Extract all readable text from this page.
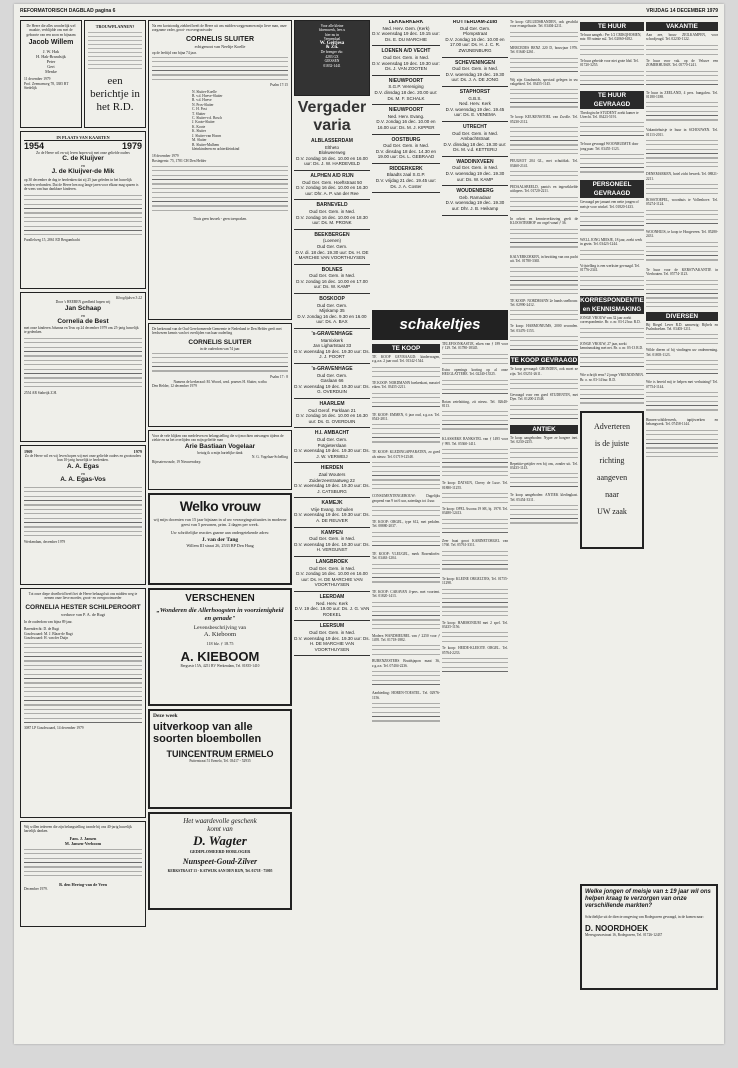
REFORMATORISCH DAGBLAD pagina 6	VRIJDAG 14 DECEMBER 1979
De Heere die alles wonderlijk wel maakte, verblijdde ons met de geboorte van een zoon en bijnaam
Jacob Willem
J. W. Hak
H. Hak-Brandsijk
Peter
Gert
Menke
11 december 1979
Prof. Zeemanweg 78, 3385 BT Stedelijk
TROUWPLANNEN?
een berichtje in het R.D.
IN PLAATS VAN KAARTEN
1954	1979
Zo de Heere wil en wij leven hopen wij met onze geliefde ouders
C. de Kluijver
en
J. de Kluijver-de Mik
op 30 december de dag te herdenken dat zij 25 jaar geleden in het huwelijk werden verbonden. Dat de Heere hen nog lange jaren voor elkaar mag sparen is de wens van hun dankbare kinderen.
Parallelweg 15, 2861 ED Bergambacht
Klooglijdeen 3:22
Door 's HEEREN goedheid hopen wij
Jan Schaap
en
Cornelia de Best
met onze kinderen Johanna en Teus op 24 december 1979 ons 25-jarig huwelijk te gedenken.
2554 AR Stabeijk Z.H.
1969	1979
Zo de Heere wil en wij leven hopen wij met onze geliefde ouders en grootouders hun 10-jarig huwelijk te herdenken.
A. A. Egas
en
A. A. Egas-Vos
Werkendam, december 1979
Tot onze diepe droefheid heeft het de Heere behaagd uit ons midden weg te nemen onze lieve moeder, groot- en overgrootmoeder
CORNELIA HESTER SCHILPEROORT
weduwe van P. A. de Rugt
In de ouderdom van bijna 89 jaar.
Barendrecht: D. de Rugt
Goudswaard: M. J. Blaas-de Rugt
Goudswaard: H. van der Duijn
3087 LP Goudswaard, 14 december 1979
Wij willen iedereen die zijn belangstelling toonde bij ons 40-jarig huwelijk hartelijk danken.
Fam. J. Jansen
M. Jansen-Verboom
B. den Hertog-van de Veen
December 1979.
Na een kortstondig ziekbed heeft de Heere uit ons midden weggenomen mijn lieve man, onze zorgzame vader, groot- en overgrootvader
CORNELIS SLUITER
echtgenoot van Neeltje Koelle
op de leeftijd van bijna 74 jaar.
Psalm 17:15
N. Sluiter-Koelle
B. v.d. Hoeve-Sluiter
R. v.d. Hoeve
N. Pros-Sluiter
C. H. Post
T. Sluiter
C. Sluiter-v.d. Bosch
J. Koote-Sluiter
K. Koote
K. Sluiter
J. Sluiter-van Hoorn
M. Sluiter
B. Sluiter-Mulhem
kleinkinderen en achterkleinkind
18 december 1979
Bosingerstr. 75, 1781 CH Den Helder
Thuis geen bezoek - geen toespraken.
De kerkeraad van de Oud Gereformeerde Gemeente te Nederland te Den Helder geeft met leedwezen kennis van het overlijden van haar ouderling
CORNELIS SLUITER
in de ouderdom van 74 jaar.
Psalm 17 : 8
Namens de kerkeraad: M. Woord, wnd. praeses H. Sluiter, scriba
Den Helder, 12 december 1979
Voor de vele blijken van medeleven en belangstelling die wij mochten ontvangen tijdens de ziekte en na het overlijden van mijn geliefde man
Arie Bastiaan Vogelaar
betuig ik u mijn hartelijke dank
N. G. Vogelaar-Schelling
Rijnsaterwoude, 19 Nieuwendorp
Welko vrouw
wij mijn docenten van 15 jaar bijstaan in al uw verzorgingssituaties in moderne geest van 5 personen, prim. 2 dagen per week.
Uw schriftelijke reacties gaarne aan ondergetekende adres:
J. van der Tang
Willem III straat 26, 2533 BP Den Haag
VERSCHENEN
„Wonderen die Allerhoogsten in voorzienigheid en genade"
Levensbeschrijving van
A. Kieboom
118 blz. ƒ 18.75
A. KIEBOOM
Bergsestr 15A, 4251 BV Werkendam, Tel. 01835-1410
Deze week
uitverkoop van alle soorten bloembollen
TUINCENTRUM ERMELO
Putterstraat 51 Ermelo, Tel. 03417 - 52935
Het waardevolle geschenk
komt van
D. Wagter
GEDIPLOMEERD HORLOGER
Nunspeet-Goud-Zilver
KERKSTRAAT 13 - KATWIJK AAN DEN RIJN, Tel. 01718 - 75005
Voor alle kleine
bloemwerk, lees u
hier nu in
Veenendaal
W. Geitjesa
& Zn.
De brenger vkr.
4283 GX
GIESSEN
01832-1441
Vergader varia
ALBLASSERDAM
Eltheto
Blokweerweg
D.V. zondag 16 dec. 10.00 en 16.00 uur: Ds. J. W. HARDEVELD
ALPHEN A/D RIJN
Oud Ger. Gem. Hoeftstraat 50
D.V. zondag 16 dec. 10.00 en 16.30 uur: Dhr. A. P. van der Ree
BARNEVELD
Oud Ger. Gem. in Ned.
D.V. zondag 16 dec. 10.00 en 18.30 uur: Ds. M. PRONK
BEEKBERGEN
(Loenen)
Oud Ger. Gem.
D.V. di. 18 dec. 19.30 uur: Ds. H. DE MARCHIE VAN VOORTHUYSEN
BOLNES
Oud Ger. Gem. in Ned.
D.V. zondag 16 dec. 10.00 en 17.00 uur: Ds. W. KAMP
BOSKOOP
Oud Ger. Gem.
Mijskamp 35
D.V. zondag 16 dec. 9.30 en 16.00 uur: Ds. A. BAX
's-GRAVENHAGE
Marnixkerk
Jan Lighartstaat 33
D.V. woensdag 19 dec. 19.30 uur: Ds. J. J. POORT
's-GRAVENHAGE
Oud Ger. Gem.
Gaslaan 66
D.V. woensdag 19 dec. 19.30 uur: Ds. G. OVERDUIN
HAARLEM
Oud Gerof. Parklaan 21
D.V. zondag 16 dec. 10.00 en 16.30 uur: Ds. G. OVERDUIN
H.I. AMBACHT
Oud Ger. Gem.
Potgieterslaan
D.V. woensdag 19 dec. 19.30 uur: Ds. J. W. VERWEIJ
HIERDEN
Zaal Wouters
Zuiderzeestraatweg 22
D.V. woensdag 19 dec. 19.30 uur: Ds. J. CATSBURG
KAMEJK
Vrije Evang. Schuilen
D.V. woensdag 19 dec. 19.30 uur: Ds. A. DE REUVER
KAMPEN
Oud Ger. Gem. in Ned.
D.V. woensdag 19 dec. 19.30 uur: Ds. H. VERGUNST
LANGBROEK
Oud Ger. Gem. in Ned.
D.V. zondag 16 dec. 10.00 en 16.00 uur: Ds. H. DE MARCHIE VAN VOORTHUYSEN
LEERDAM
Ned. Herv. Kerk
D.V. 19 dec. 19.00 uur: Ds. J. G. VAN ROEKEL
LEERSUM
Oud Ger. Gem. in Ned.
D.V. woensdag 19 dec. 19.30 uur: Ds. H. DE MARCHIE VAN VOORTHUYSEN
LEKKERKERK
Ned. Herv. Gem. (Kerk)
D.V. woensdag 19 dec. 19.15 uur: Ds. E. DU MARCHIE
LOENEN A/D VECHT
Oud Ger. Gem. in Ned.
D.V. woensdag 19 dec. 19.30 uur: Ds. J. VAN ZOOTEN
NIEUWPOORT
S.G.P. Vereniging
D.V. dinsdag 18 dec. 20.00 uur: Ds. M. F. SCHALK
NIEUWPOORT
Ned. Herv. Evang.
D.V. zondag 16 dec. 10.00 en 16.00 uur: Ds. M. J. KIPPER
OOSTBURG
Oud Ger. Gem. in Ned.
D.V. dinsdag 18 dec. 14.30 en 19.00 uur: Ds. L. GEBRAAD
RIDDERKERK
Blaadts zaal S.G.P.
D.V. vrijdag 21 dec. 19.45 uur: Ds. J. A. Coster
ROTTERDAM-Zuid
Oud Ger. Gem.
Plompstraat
D.V. zondag 16 dec. 10.00 en 17.00 uur: Ds. H. J. C. R. ZWIJNENBURG
SCHEVENINGEN
Oud Ger. Gem. in Ned.
D.V. woensdag 19 dec. 19.30 uur: Ds. J. A. DE JONG
STAPHORST
G.B.S.
Ned. Herv. Kerk
D.V. woensdag 19 dec. 19.45 uur: Ds. E. VENEMA
UTRECHT
Oud Ger. Gem. in Ned.
Ambachtstraat
D.V. dinsdag 18 dec. 19.30 uur: Ds. M. v.d. KETTERIJ
WADDINXVEEN
Oud Ger. Gem. in Ned.
D.V. woensdag 19 dec. 19.30 uur: Ds. W. KAMP
WOUDENBERG
Geb. Ramadaar
D.V. woensdag 19 dec. 19.30 uur: Dhr. J. B. Heikamp
schakeltjes
TE KOOP
TE KOOP GEVRAAGD: kinderwagen, z.g.a.n. 2 jaar oud. Tel. 01342-1544.
TE KOOP: NORDMANN boekenkast, massief eiken. Tel. 03455-2211.
TE KOOP: EMMEN, 6 jaar oud, z.g.a.n. Tel. 0543-2811.
TE KOOP: KLEDINGAPPARATEN, zo goed als nieuw. Tel. 01719-12548.
CONSUMENTENGEBOUW: Dagelijks geopend van 9 tot 6 uur, zaterdags tot 4 uur.
TE KOOP: ORGEL, type 612, met pedalen. Tel. 08880-2037.
TE KOOP: VLEUGEL, merk Bosendorfer. Tel. 03463-1204.
TE KOOP: CARAVAN 4-pers. met voortent. Tel. 01820-1413.
Modern WANDMEUBEL van ƒ 2250 voor ƒ 1495. Tel. 01718-1882.
BURENZESTERS Bruidsjapon maat 36, z.g.a.n. Tel. 07404-2236.
Aanbieding: HOREN-TOESTEL. Tel. 02976-1156.
TELEFOONKASTJE, eiken van ƒ 189 voor ƒ 129. Tel. 01780-18345.
Extra openings korting op al onze HEUGLATTERE. Tel. 02240-13525.
Rotan zetelzitting, zit nieuw. Tel. 02640-8113.
KLASSIEKE BANKSTEL van ƒ 1495 voor ƒ 995. Tel. 05360-1411.
Te koop: DATSUN, Cherry de Luxe. Tel. 01880-11255.
Te koop: OPEL Ascona 19 SR, bj. 1978. Tel. 03480-12413.
Zeer fraai groot KABINETORGEL van 1760. Tel. 05761-3311.
Te koop: KLEINE ORGELTJES, Tel. 01755-11298.
Te koop: HARMONIUM met 2 spel. Tel. 03435-1156.
Te koop: HEIDE-KLEIOTE ORGEL. Tel. 05764-2233.
Te koop: GELUIDSBANDEN, ook geschikt voor evangelisatie. Tel. 03404-2211.
MERCEDES BENZ 220 D, bouwjaar 1976. Tel. 01640-2261.
Wij zijn Goudsmids, speciaal gelegen in uw vakgebied. Tel. 03455-1145.
Te koop: KEUKENSTOEL van Zwolle. Tel. 05230-2112.
PEUGEOT 204 GL, met schuifdak. Tel. 03460-2141.
PEDAALSBEELD, panta's en ingewikkelde uitlopers. Tel. 01720-2211.
In orkest en kennisverkiezing geeft de KLOOSTERHOF uw orgel vanaf ƒ 36.
KALVERKOEKEN, in bezitting van ons pacht uit. Tel. 01780-3365.
TE KOOP: NORDMANN 2e hands snelbouw. Tel. 02990-2412.
Te koop: HARMONIUMS, 2000 seconden. Tel. 03476-1153.
TE KOOP GEVRAAGD
Te koop gevraagd: GRONDEN, ook moet ze zijn. Tel. 05251-2611.
Gevraagd voor een goed STUDENTIN, met Dyn. Tel. 01200-21548.
ANTIEK
Te koop aangeboden: Nyper ze borgere inet. Tel. 0230-2255.
Repetitie-getijder een bij ons, zonder uit. Tel. 03435-1143.
Te koop aangeboden: ANTIEK kledingkast. Tel. 05454-3311.
TE HUUR
Te huur aangeb.: Per 1/2 CRIKQHOMEN, mts: 80 ruimte m2. Tel. 02060-6182.
Te huur gebeide voor niet grote hhd. Tel. 01720-3255.
TE HUUR GEVRAAGD
Theologische STUDENT zoekt kamer te Utrecht. Tel. 03423-5191.
Te huur gevraagd WOONRUIMTE door jong paar. Tel. 03455-1123.
PERSONEEL GEVRAAGD
Gevraagd per januari een nette jongen of meisje voor winkel. Tel. 01820-1433.
WELL JONG MEISJE, 18 jaar, zoekt werk in gezin. Tel. 03423-1244.
Vrijstelling is een werkster gevraagd. Tel. 01776-2341.
KORRESPONDENTIE en KENNISMAKING
JONGE VROUW van 32 jaar zoekt correspondentie. Br. o. nr. 03-12 bur. R.D.
JONGE VROUW, 27 jaar, zoekt kennismaking met net. Br. o. nr. 03-13 R.D.
Wie schrijft eens? 2 jonge VRIENDINNEN. Br. o. nr. 03-14 bur. R.D.
Adverteren
is de juiste
richting
aangeven
naar
UW zaak
VAKANTIE
Aan zee, bouw ZEILKAMPEN, voor schooljeugd. Tel. 02230-1122.
Te huur voor vak. op de Veluwe een ZOMERHUISJE. Tel. 05770-1241.
Te huur in ZEELAND, 4 pers. bungalow. Tel. 01180-1188.
Vakantiehuisje te huur in SCHOUWEN. Tel. 01113-2011.
DENEMARKEN, hotel zicht bewerk. Tel. 08821-2211.
BOSSTOEPEL, woonhuis te Vollenhove. Tel. 05274-1124.
WOONHUIS, te koop te Hoogeveen. Tel. 05280-2431.
Te huur voor de KERSTVAKANTIE in Vierhouten. Tel. 05774-1123.
DIVERSEN
Bij Riegel Lever R.D. aanwezig: Bijbels en Psalmboeken. Tel. 03403-1211.
Wilde dieren of bij vindingen uw onderneming. Tel. 01803-1123.
Wie is bereid mij te helpen met verhuizing? Tel. 07754-1144.
Binnen-schilderwerk, tapijtwerken en behangwerk. Tel. 07458-1144.
Welke jongen of meisje van ± 19 jaar wil ons helpen kraag te verzorgen van onze verschillende markten?
Schriftelijke uit de directe omgeving van Bodegraven gevraagd, in de komen naar:
D. NOORDHOEK
Meresgouwestraat 16, Bodegraven, Tel. 01726-12437
